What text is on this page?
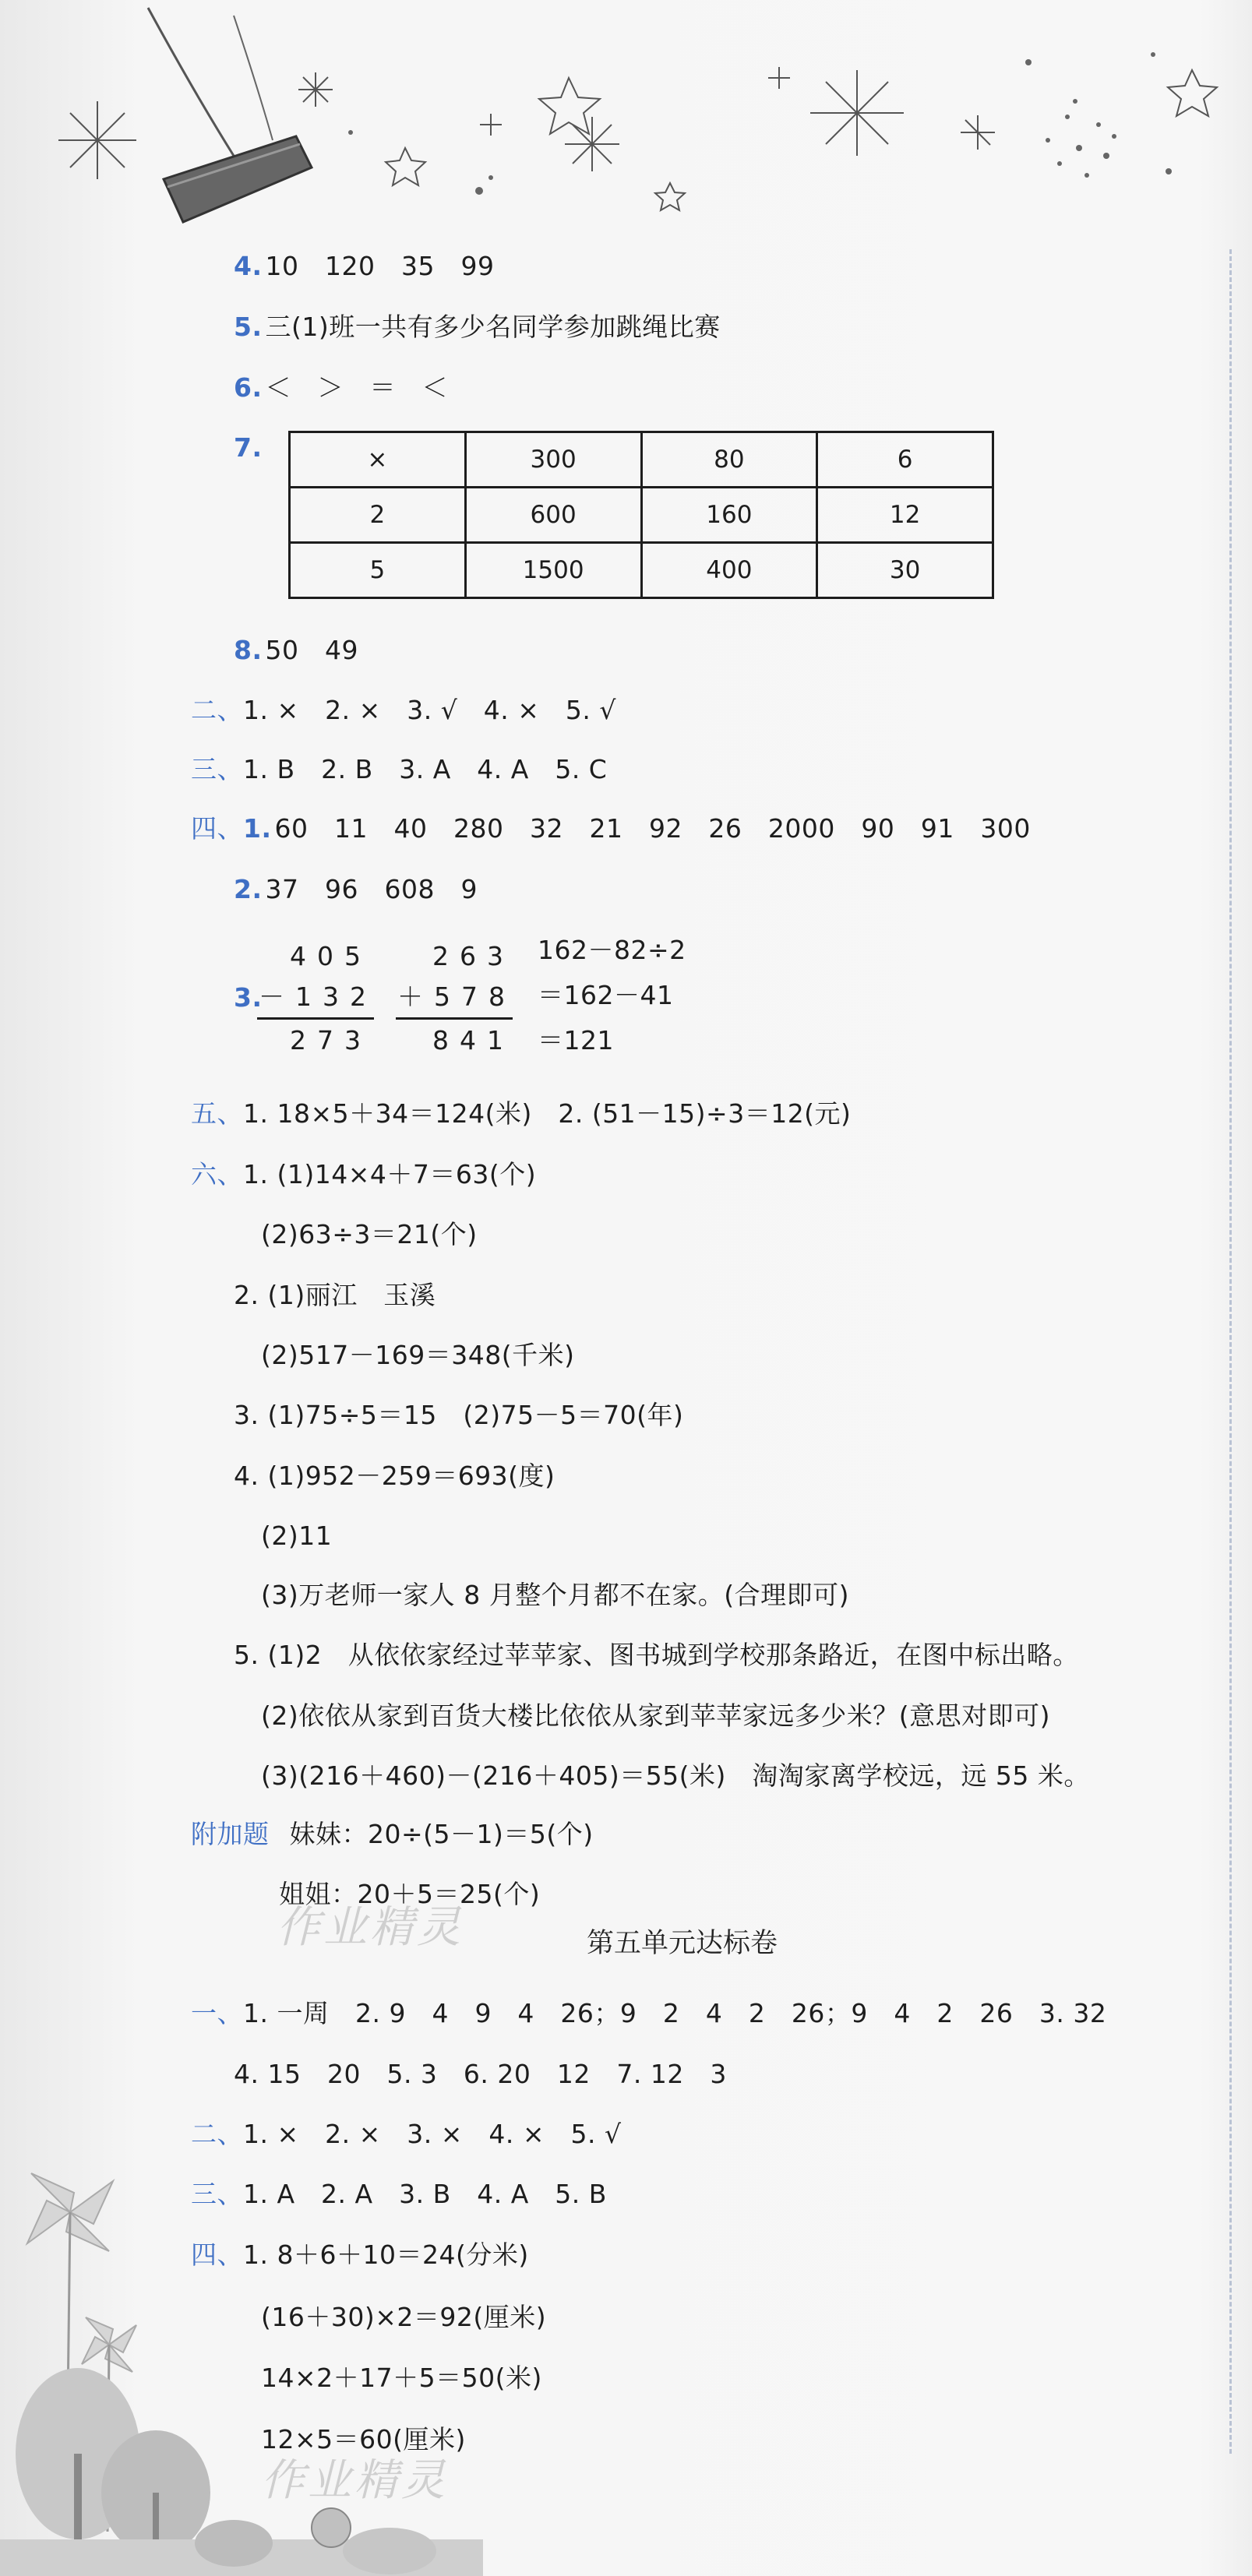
4. 10　120　35　99
5. 三(1)班一共有多少名同学参加跳绳比赛
6. ＜　＞　＝　＜
7.	×	300	80	6
2	600	160	12
5	1500	400	30
8. 50　49
二、1. ×　2. ×　3. √　4. ×　5. √
三、1. B　2. B　3. A　4. A　5. C
四、1. 60　11　40　280　32　21　92　26　2000　90　91　300
2. 37　96　608　9
3.
405
－132
273
263
＋578
841
162－82÷2
＝162－41
＝121
五、1. 18×5＋34＝124(米)　2. (51－15)÷3＝12(元)
六、1. (1)14×4＋7＝63(个)
(2)63÷3＝21(个)
2. (1)丽江　玉溪
(2)517－169＝348(千米)
3. (1)75÷5＝15　(2)75－5＝70(年)
4. (1)952－259＝693(度)
(2)11
(3)万老师一家人 8 月整个月都不在家。(合理即可)
5. (1)2　从依依家经过苹苹家、图书城到学校那条路近，在图中标出略。
(2)依依从家到百货大楼比依依从家到苹苹家远多少米？(意思对即可)
(3)(216＋460)－(216＋405)＝55(米)　淘淘家离学校远，远 55 米。
附加题 妹妹：20÷(5－1)＝5(个)
姐姐：20＋5＝25(个)
作业精灵	第五单元达标卷
一、1. 一周　2. 9　4　9　4　26；9　2　4　2　26；9　4　2　26　3. 32
4. 15　20　5. 3　6. 20　12　7. 12　3
二、1. ×　2. ×　3. ×　4. ×　5. √
三、1. A　2. A　3. B　4. A　5. B
四、1. 8＋6＋10＝24(分米)
(16＋30)×2＝92(厘米)
14×2＋17＋5＝50(米)
12×5＝60(厘米)
作业精灵
